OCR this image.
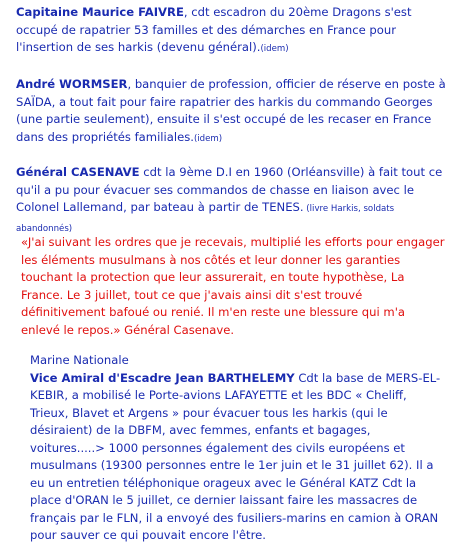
Capitaine Maurice FAIVRE, cdt escadron du 20ème Dragons s'est occupé de rapatrier 53 familles et des démarches en France pour l'insertion de ses harkis (devenu général).(idem)

André WORMSER, banquier de profession, officier de réserve en poste à SAÏDA, a tout fait pour faire rapatrier des harkis du commando Georges (une partie seulement), ensuite il s'est occupé de les recaser en France dans des propriétés familiales.(idem)

Général CASENAVE cdt la 9ème D.I en 1960 (Orléansville) à fait tout ce qu'il a pu pour évacuer ses commandos de chasse en liaison avec le Colonel Lallemand, par bateau à partir de TENES. (livre Harkis, soldats abandonnés)

«J'ai suivant les ordres que je recevais, multiplié les efforts pour engager les éléments musulmans à nos côtés et leur donner les garanties touchant la protection que leur assurerait, en toute hypothèse, La France. Le 3 juillet, tout ce que j'avais ainsi dit s'est trouvé définitivement bafoué ou renié. Il m'en reste une blessure qui m'a enlevé le repos.» Général Casenave.

Marine Nationale

Vice Amiral d'Escadre Jean BARTHELEMY Cdt la base de MERS-EL-KEBIR, a mobilisé le Porte-avions LAFAYETTE et les BDC « Cheliff, Trieux, Blavet et Argens » pour évacuer tous les harkis (qui le désiraient) de la DBFM, avec femmes, enfants et bagages, voitures.....> 1000 personnes également des civils européens et musulmans (19300 personnes entre le 1er juin et le 31 juillet 62). Il a eu un entretien téléphonique orageux avec le Général KATZ Cdt la place d'ORAN le 5 juillet, ce dernier laissant faire les massacres de français par le FLN, il a envoyé des fusiliers-marins en camion à ORAN pour sauver ce qui pouvait encore l'être.
